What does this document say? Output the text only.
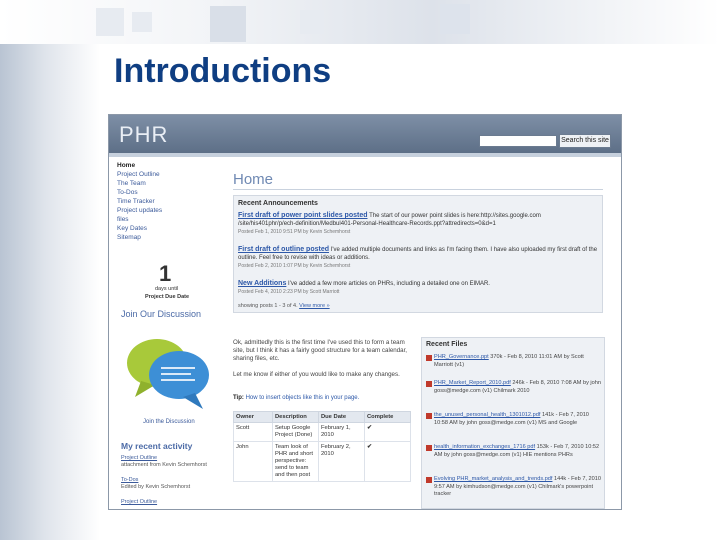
Introductions
PHR	Search this site
Home
Project Outline
The Team
To-Dos
Time Tracker
Project updates
files
Key Dates
Sitemap
1
days until
Project Due Date
Join Our Discussion
Join the Discussion
My recent activity
Project Outline
attachment from Kevin Schemhorst
To-Dos
Edited by Kevin Schemhorst
Project Outline
Home
Recent Announcements
First draft of power point slides posted The start of our power point slides is here:http://sites.google.com /site/his401phr/p/ech-definition/Medbul401-Personal-Healthcare-Records.ppt?attredirects=0&d=1
Posted Feb 1, 2010 9:51 PM by Kevin Schemhorst
First draft of outline posted I've added multiple documents and links as I'm facing them. I have also uploaded my first draft of the outline. Feel free to revise with ideas or additions.
Posted Feb 2, 2010 1:07 PM by Kevin Schemhorst
New Additions I've added a few more articles on PHRs, including a detailed one on ElMAR.
Posted Feb 4, 2010 2:23 PM by Scott Marriott
showing posts 1 - 3 of 4. View more »
Ok, admittedly this is the first time I've used this to form a team site, but I think it has a fairly good structure for a team calendar, sharing files, etc.
Let me know if either of you would like to make any changes.
Tip: How to insert objects like this in your page.
Owner	Description	Due Date	Complete
Scott	Setup Google Project (Done)	February 1, 2010	✔
John	Team look of PHR and short perspective: send to team and then post	February 2, 2010	✔
Recent Files
PHR_Governance.ppt 370k - Feb 8, 2010 11:01 AM by Scott Marriott (v1)
PHR_Market_Report_2010.pdf 246k - Feb 8, 2010 7:08 AM by john goss@medge.com (v1) Chilmark 2010
the_unused_personal_health_1301012.pdf 141k - Feb 7, 2010 10:58 AM by john goss@medge.com (v1) MS and Google
health_information_exchanges_1716 pdf 153k - Feb 7, 2010 10:52 AM by john goss@medge.com (v1) HIE mentions PHRs
Evolving PHR_market_analysis_and_trends.pdf 144k - Feb 7, 2010 9:57 AM by kimhudson@medge.com (v1) Chilmark's powerpoint tracker
